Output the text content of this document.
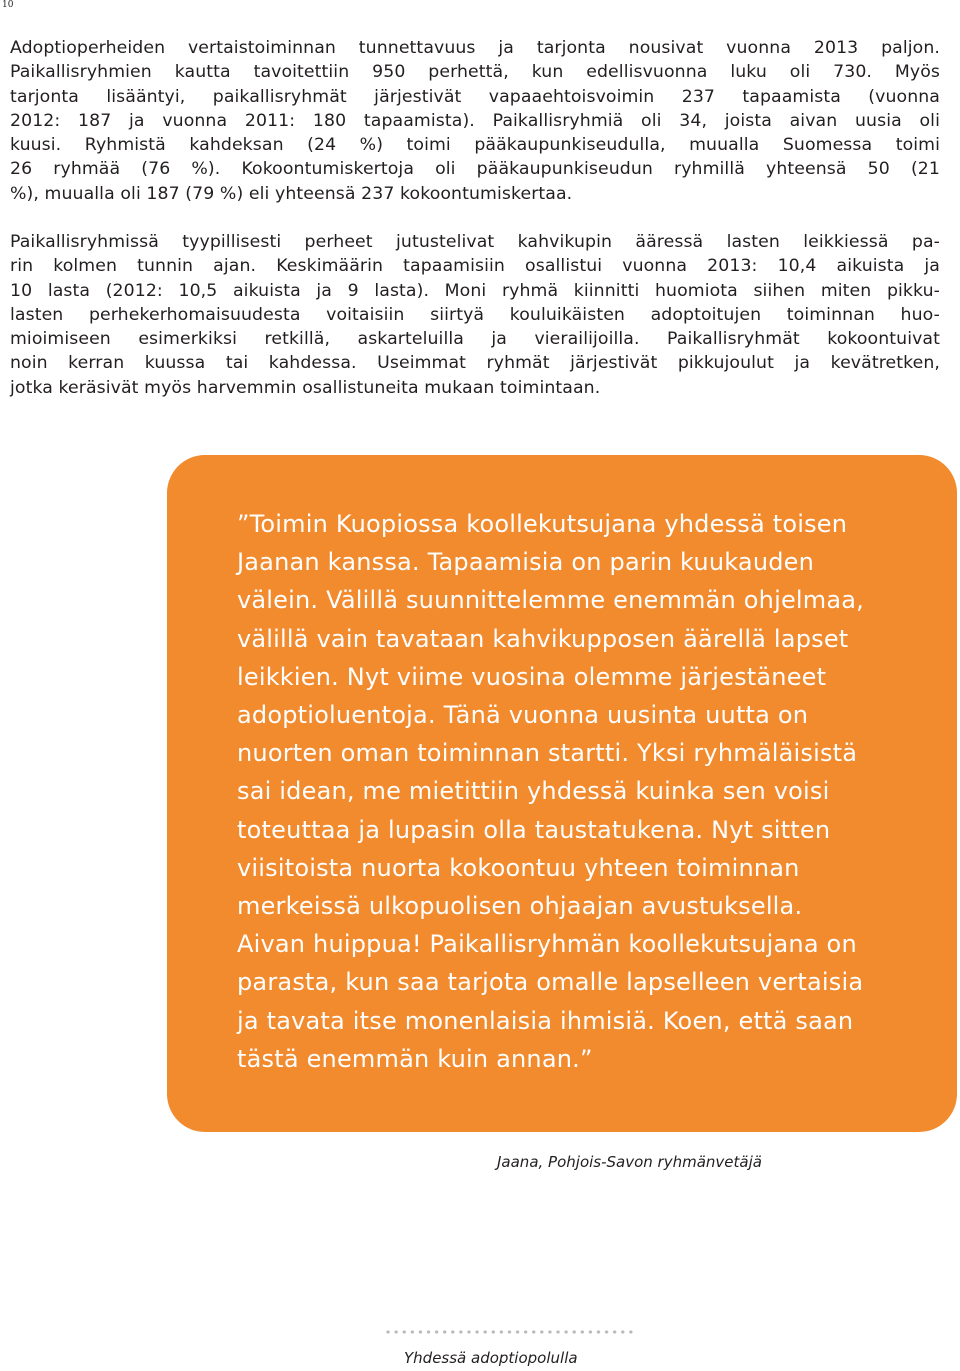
10
Adoptioperheiden vertaistoiminnan tunnettavuus ja tarjonta nousivat vuonna 2013 paljon.
Paikallisryhmien kautta tavoitettiin 950 perhettä, kun edellisvuonna luku oli 730. Myös
tarjonta lisääntyi, paikallisryhmät järjestivät vapaaehtoisvoimin 237 tapaamista (vuonna
2012: 187 ja vuonna 2011: 180 tapaamista). Paikallisryhmiä oli 34, joista aivan uusia oli
kuusi. Ryhmistä kahdeksan (24 %) toimi pääkaupunkiseudulla, muualla Suomessa toimi
26 ryhmää (76 %). Kokoontumiskertoja oli pääkaupunkiseudun ryhmillä yhteensä 50 (21
%), muualla oli 187 (79 %) eli yhteensä 237 kokoontumiskertaa.
Paikallisryhmissä tyypillisesti perheet jutustelivat kahvikupin ääressä lasten leikkiessä pa-
rin kolmen tunnin ajan. Keskimäärin tapaamisiin osallistui vuonna 2013: 10,4 aikuista ja
10 lasta (2012: 10,5 aikuista ja 9 lasta). Moni ryhmä kiinnitti huomiota siihen miten pikku-
lasten perhekerhomaisuudesta voitaisiin siirtyä kouluikäisten adoptoitujen toiminnan huo-
mioimiseen esimerkiksi retkillä, askarteluilla ja vierailijoilla. Paikallisryhmät kokoontuivat
noin kerran kuussa tai kahdessa. Useimmat ryhmät järjestivät pikkujoulut ja kevätretken,
jotka keräsivät myös harvemmin osallistuneita mukaan toimintaan.
”Toimin Kuopiossa koollekutsujana yhdessä toisen
Jaanan kanssa. Tapaamisia on parin kuukauden
välein. Välillä suunnittelemme enemmän ohjelmaa,
välillä vain tavataan kahvikupposen äärellä lapset
leikkien. Nyt viime vuosina olemme järjestäneet
adoptioluentoja. Tänä vuonna uusinta uutta on
nuorten oman toiminnan startti. Yksi ryhmäläisistä
sai idean, me mietittiin yhdessä kuinka sen voisi
toteuttaa ja lupasin olla taustatukena. Nyt sitten
viisitoista nuorta kokoontuu yhteen toiminnan
merkeissä ulkopuolisen ohjaajan avustuksella.
Aivan huippua! Paikallisryhmän koollekutsujana on
parasta, kun saa tarjota omalle lapselleen vertaisia
ja tavata itse monenlaisia ihmisiä. Koen, että saan
tästä enemmän kuin annan.”
Jaana, Pohjois-Savon ryhmänvetäjä
Yhdessä adoptiopolulla
